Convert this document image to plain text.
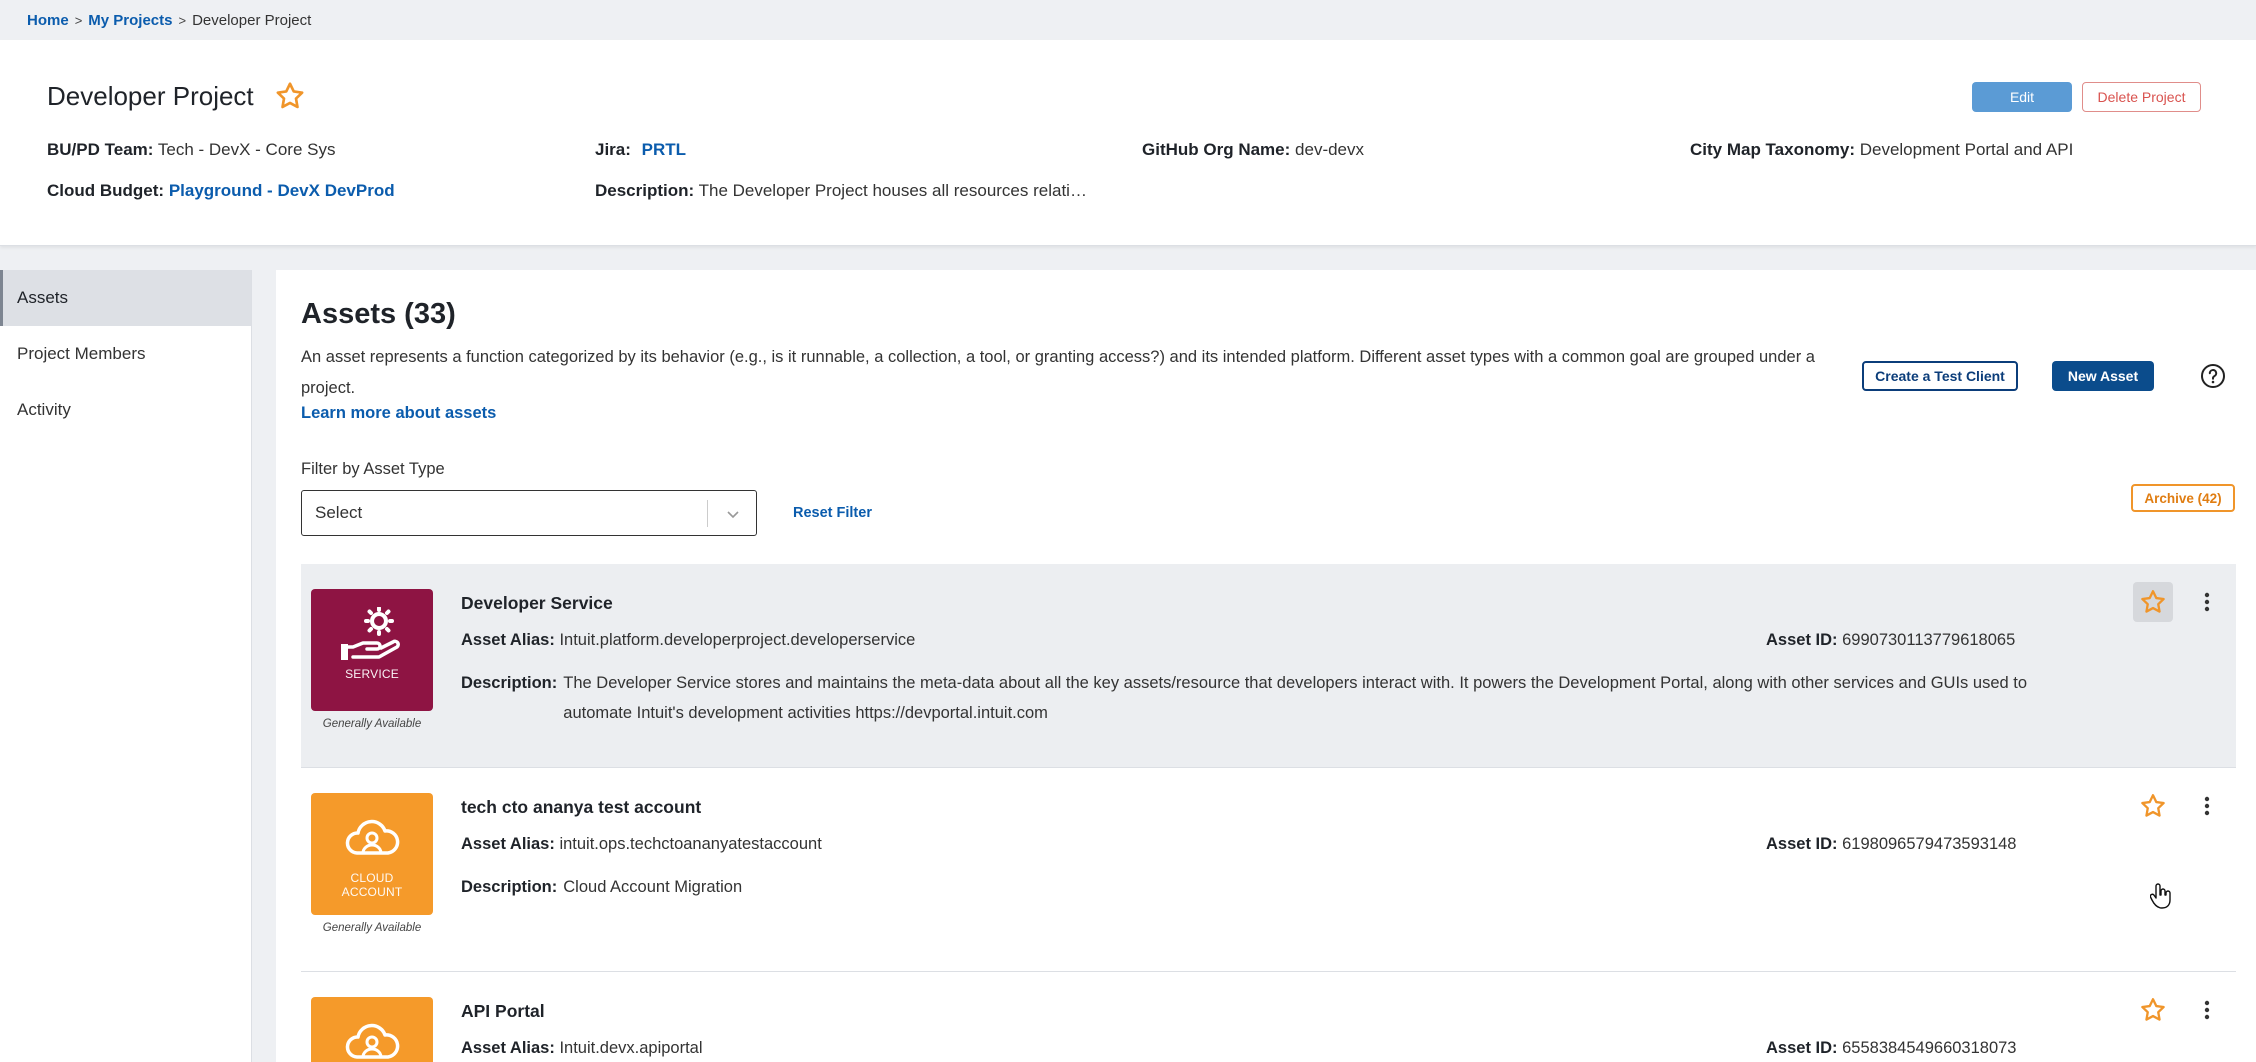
Home > My Projects > Developer Project
Developer Project	Edit	Delete Project
BU/PD Team: Tech - DevX - Core Sys	Jira: PRTL	GitHub Org Name: dev-devx	City Map Taxonomy: Development Portal and API
Cloud Budget: Playground - DevX DevProd	Description: The Developer Project houses all resources relati…
Assets
Project Members
Activity
Assets (33)

An asset represents a function categorized by its behavior (e.g., is it runnable, a collection, a tool, or granting access?) and its intended platform. Different asset types with a common goal are grouped under a project.

Learn more about assets
Create a Test Client	New Asset
Filter by Asset Type
Select	Reset Filter
Archive (42)
SERVICE
Generally Available
Developer Service
Asset Alias: Intuit.platform.developerproject.developerservice	Asset ID: 6990730113779618065
Description: The Developer Service stores and maintains the meta-data about all the key assets/resource that developers interact with. It powers the Development Portal, along with other services and GUIs used to automate Intuit's development activities https://devportal.intuit.com
CLOUD
ACCOUNT
Generally Available
tech cto ananya test account
Asset Alias: intuit.ops.techctoananyatestaccount	Asset ID: 6198096579473593148
Description: Cloud Account Migration
API Portal
Asset Alias: Intuit.devx.apiportal	Asset ID: 6558384549660318073
